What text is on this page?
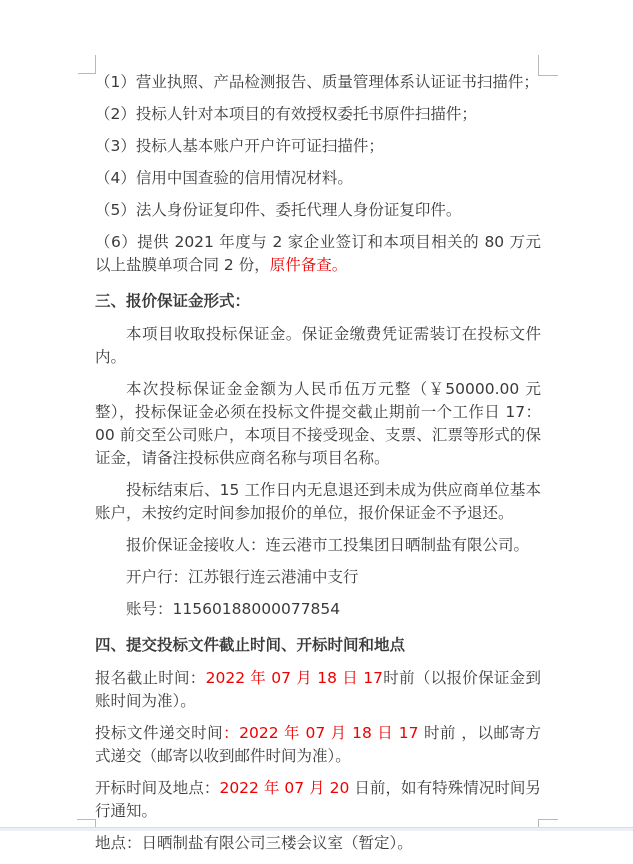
（1）营业执照、产品检测报告、质量管理体系认证证书扫描件；

（2）投标人针对本项目的有效授权委托书原件扫描件；

（3）投标人基本账户开户许可证扫描件；

（4）信用中国查验的信用情况材料。

（5）法人身份证复印件、委托代理人身份证复印件。

（6）提供 2021 年度与 2 家企业签订和本项目相关的 80 万元以上盐膜单项合同 2 份，原件备查。

三、报价保证金形式：

本项目收取投标保证金。保证金缴费凭证需装订在投标文件内。

本次投标保证金金额为人民币伍万元整（￥50000.00 元整），投标保证金必须在投标文件提交截止期前一个工作日 17：00 前交至公司账户，本项目不接受现金、支票、汇票等形式的保证金，请备注投标供应商名称与项目名称。

投标结束后、15 工作日内无息退还到未成为供应商单位基本账户，未按约定时间参加报价的单位，报价保证金不予退还。

报价保证金接收人：连云港市工投集团日晒制盐有限公司。

开户行：江苏银行连云港浦中支行

账号：11560188000077854

四、提交投标文件截止时间、开标时间和地点

报名截止时间：2022 年 07 月 18 日 17时前（以报价保证金到账时间为准）。

投标文件递交时间：2022 年 07 月 18 日 17 时前 ，以邮寄方式递交（邮寄以收到邮件时间为准）。

开标时间及地点：2022 年 07 月 20 日前，如有特殊情况时间另行通知。

地点：日晒制盐有限公司三楼会议室（暂定）。
